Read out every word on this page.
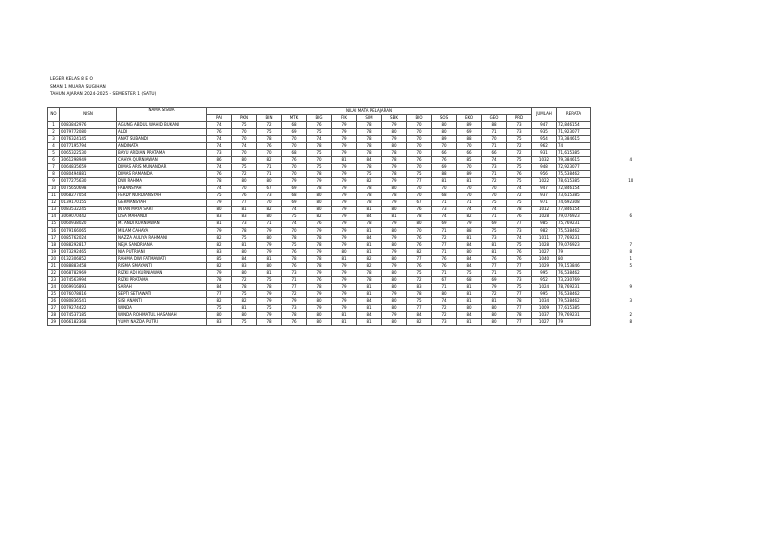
LEGER KELAS 8 E O
SMAN 1 MUARA SUGIHAN
TAHUN AJARAN 2024-2025 - SEMESTER 1 (SATU)
NO	NISN	NAMA SISWA	NILAI MATA PELAJARAN													JUMLAH	RERATA	
			PAI	PKN	BIN	MTK	BIG	FIK	SIM	SBK	BIO	SOS	EKO	GEO	PRD			
1	0083842976	AGUNG ABDUL WAHID BUKANI	74	75	72	68	76	79	78	79	70	80	89	88	73	947	72,846154	
2	0079772080	ALDI	76	70	75	69	75	79	78	80	70	80	69	71	73	935	71,923077	
3	0076324145	ANAT SUBANDI	74	70	78	70	74	79	78	79	70	89	88	70	75	954	73,384615	
4	0077195794	ANDINATA	74	74	76	70	78	79	78	80	70	70	70	71	72	962	74	
5	0065322530	BAYU ARDIAN PRATAMA	73	70	70	68	75	79	78	78	70	66	66	66	72	931	71,615385	
6	3061298949	CAHYA QURNIAWAN	86	80	82	76	70	81	84	78	76	76	85	74	75	1032	79,384615	4
7	0064835659	DIMAS ARIS MUNANDAR	74	75	71	70	75	79	78	79	70	69	70	73	75	948	72,923077	
8	0080494881	DIMAS RAMANDA	76	72	71	70	78	79	75	78	75	88	89	71	76	956	75,538462	
9	0077275630	DWI RAHMA	78	80	80	79	79	79	82	79	77	81	81	72	75	1022	78,615385	10
10	0075650698	FABANSYAH	74	70	67	69	78	79	78	80	70	70	70	70	74	947	72,846154	
11	0068277054	FERDY NURDIANSYAH	75	76	73	68	80	79	78	78	70	68	70	70	72	937	73,615385	
12	0139170155	GERMANSYAH	79	77	70	69	80	79	78	79	67	71	71	75	75	971	74,692308	
13	0083532245	INTAN MAYA SARI	80	81	82	74	80	79	81	80	76	73	74	74	78	1012	77,846154	
14	3069070442	LISA MAHANDI	83	83	80	75	82	79	84	81	78	74	82	71	76	1028	79,076923	6
15	0060938020	M. ANDI KURNIAWAN	81	73	71	74	76	79	78	79	80	69	79	69	77	985	75,769231	
16	0079166065	MILAM CAHAYA	79	78	79	70	79	79	81	80	70	71	88	75	73	982	75,538462	
17	0085762024	NAZZA AULIYA RAHMANI	82	75	80	78	78	79	84	79	76	72	81	73	74	1011	77,769231	
18	0088292817	NEJA SANDRIANA	82	81	79	75	78	79	81	80	76	77	84	81	75	1028	79,076923	7
19	0073292465	NIA PUTRIANI	83	80	79	76	79	80	81	79	82	71	80	81	76	1027	79	8
20	0132306852	RAHMA DWI FATMAWATI	85	84	81	78	78	81	82	80	77	76	84	76	76	1040	80	1
21	0088883458	RISMA SMAYANTI	82	83	80	76	78	79	82	79	76	76	84	77	77	1029	79,153846	5
22	0068782969	RIZKI ADI KURNIAWAN	79	80	81	73	79	79	78	80	75	71	75	71	75	995	76,538462	
23	3074563994	RIZKI PRATAMA	78	72	75	71	76	79	78	80	72	67	68	69	73	952	73,230769	
24	0069916893	SARAH	84	78	78	77	78	79	81	80	83	71	81	79	75	1024	78,769231	9
25	0076078816	SEPTI SETIAWATI	77	75	79	72	79	79	81	79	78	80	81	72	77	995	76,538462	
26	0080836541	SISI ANANTI	82	82	79	79	80	79	84	80	75	74	81	81	78	1034	79,538462	3
27	0079274422	WINDA	75	81	75	73	79	79	81	80	77	72	80	80	77	1009	77,615385	
28	0074537185	WINDA ROHMATUL HASANAH	80	80	79	78	80	81	84	79	84	72	84	80	78	1037	79,769231	2
29	0066182368	YUMY NAZDA PUTRI	83	75	78	76	80	81	81	80	82	73	81	80	77	1027	79	8
